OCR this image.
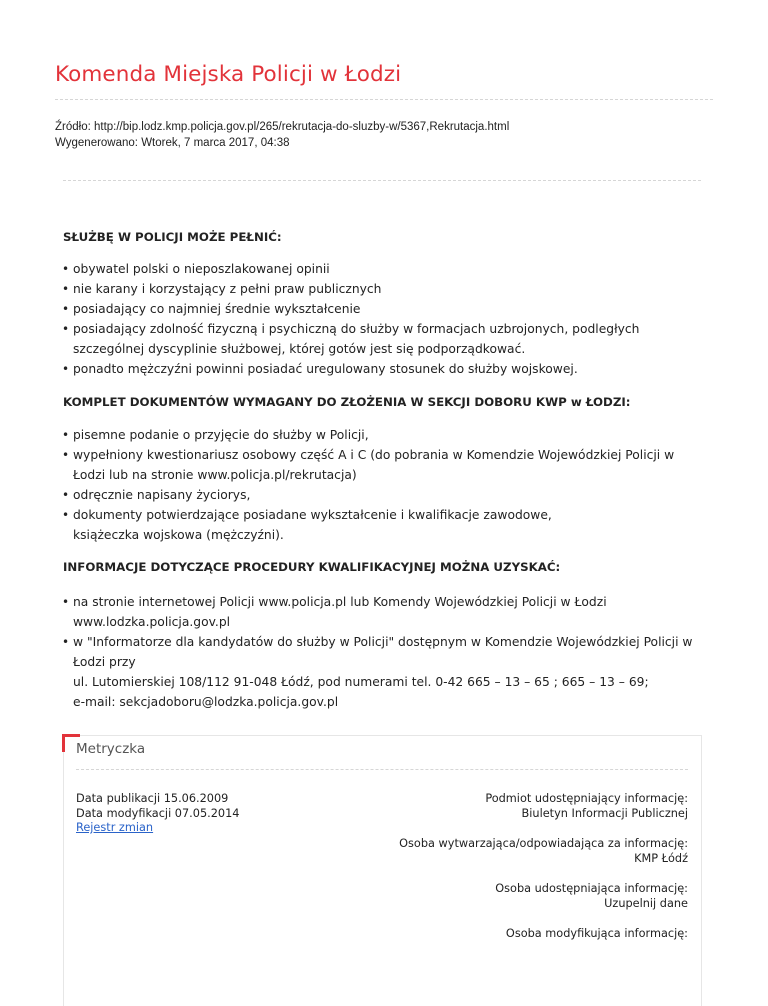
Komenda Miejska Policji w Łodzi
Źródło: http://bip.lodz.kmp.policja.gov.pl/265/rekrutacja-do-sluzby-w/5367,Rekrutacja.html
Wygenerowano: Wtorek, 7 marca 2017, 04:38

SŁUŻBĘ W POLICJI MOŻE PEŁNIĆ:

• obywatel polski o nieposzlakowanej opinii
• nie karany i korzystający z pełni praw publicznych
• posiadający co najmniej średnie wykształcenie
• posiadający zdolność fizyczną i psychiczną do służby w formacjach uzbrojonych, podległych
szczególnej dyscyplinie służbowej, której gotów jest się podporządkować.
• ponadto mężczyźni powinni posiadać uregulowany stosunek do służby wojskowej.

KOMPLET DOKUMENTÓW WYMAGANY DO ZŁOŻENIA W SEKCJI DOBORU KWP w ŁODZI:

• pisemne podanie o przyjęcie do służby w Policji,
• wypełniony kwestionariusz osobowy część A i C (do pobrania w Komendzie Wojewódzkiej Policji w
Łodzi lub na stronie www.policja.pl/rekrutacja)
• odręcznie napisany życiorys,
• dokumenty potwierdzające posiadane wykształcenie i kwalifikacje zawodowe,
książeczka wojskowa (mężczyźni).

INFORMACJE DOTYCZĄCE PROCEDURY KWALIFIKACYJNEJ MOŻNA UZYSKAĆ:

• na stronie internetowej Policji www.policja.pl lub Komendy Wojewódzkiej Policji w Łodzi
www.lodzka.policja.gov.pl
• w "Informatorze dla kandydatów do służby w Policji" dostępnym w Komendzie Wojewódzkiej Policji w
Łodzi przy
ul. Lutomierskiej 108/112 91-048 Łódź, pod numerami tel. 0-42 665 – 13 – 65 ; 665 – 13 – 69;
e-mail: sekcjadoboru@lodzka.policja.gov.pl
Metryczka
Data publikacji 15.06.2009
Data modyfikacji 07.05.2014
Rejestr zmian
Podmiot udostępniający informację:
Biuletyn Informacji Publicznej
Osoba wytwarzająca/odpowiadająca za informację:
KMP Łódź
Osoba udostępniająca informację:
Uzupelnij dane
Osoba modyfikująca informację:
